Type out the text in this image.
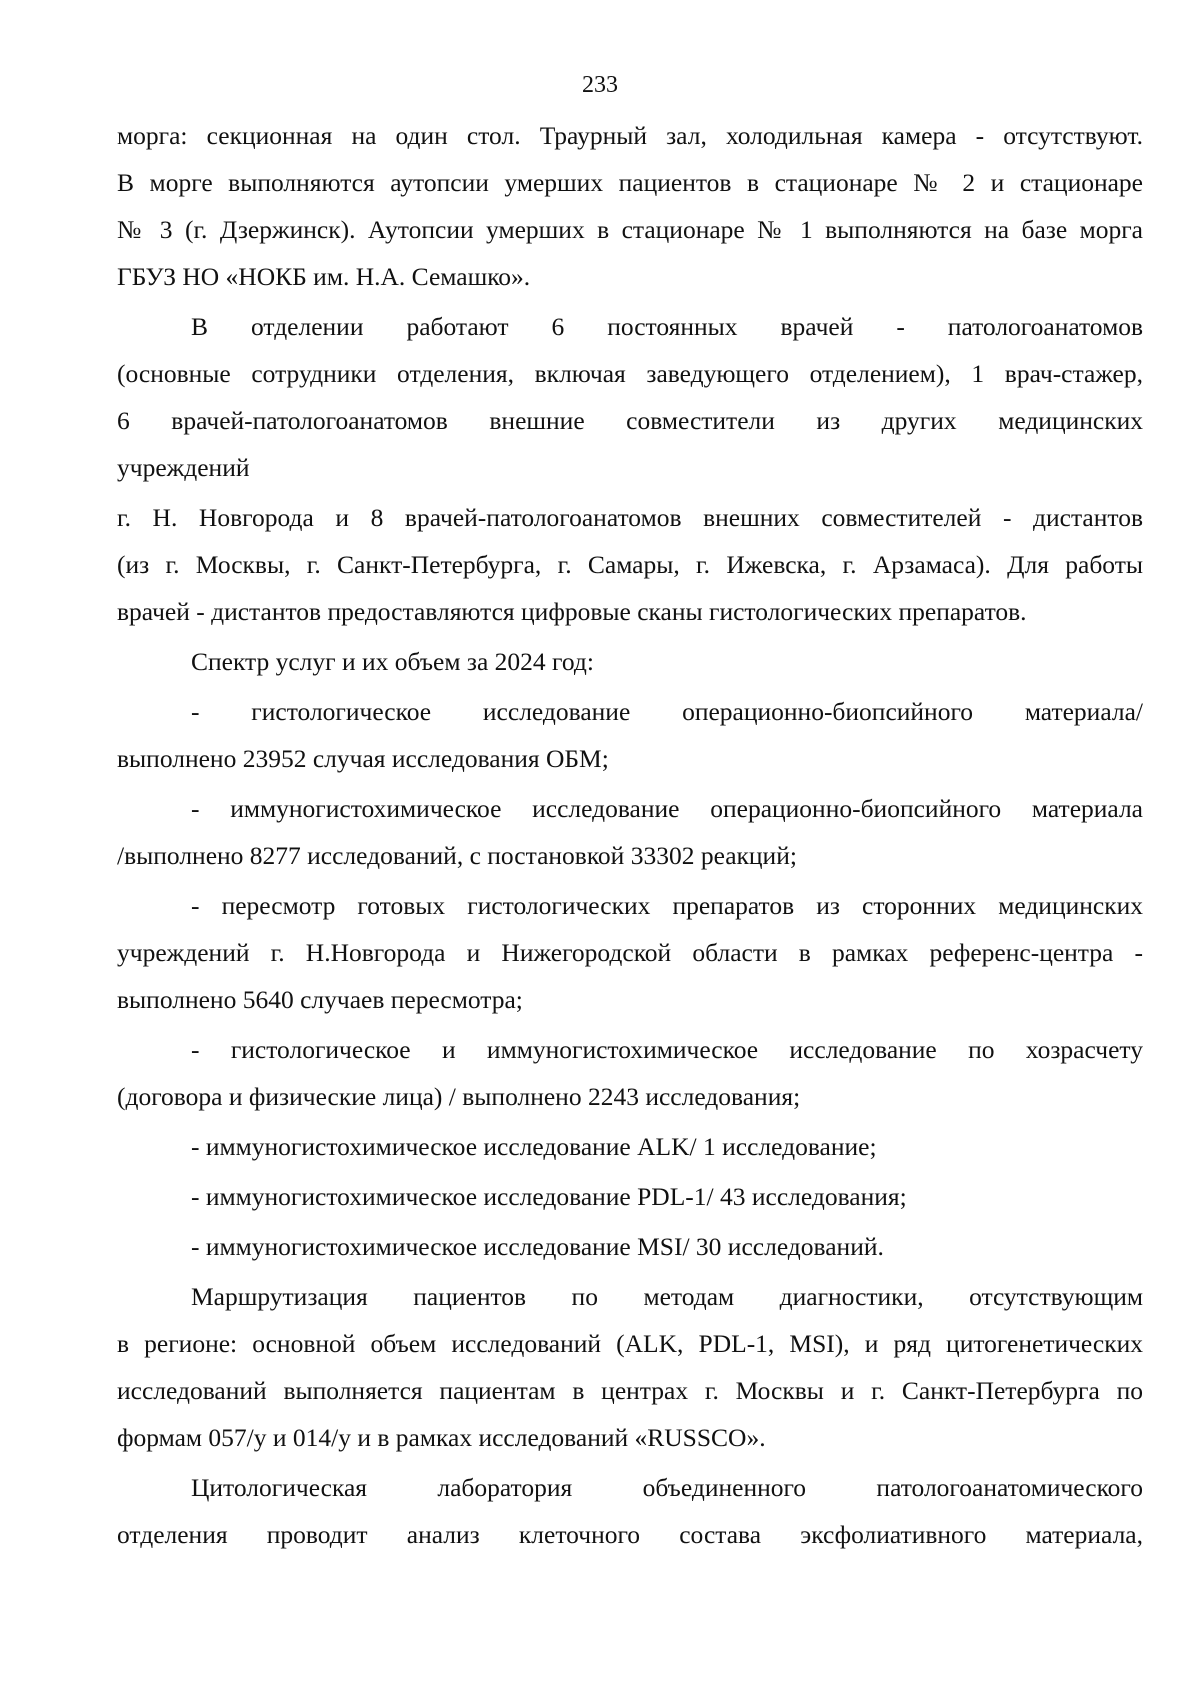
233

морга: секционная на один стол. Траурный зал, холодильная камера - отсутствуют.
В морге выполняются аутопсии умерших пациентов в стационаре № 2 и стационаре
№ 3 (г. Дзержинск). Аутопсии умерших в стационаре № 1 выполняются на базе морга
ГБУЗ НО «НОКБ им. Н.А. Семашко».

В отделении работают 6 постоянных врачей - патологоанатомов
(основные сотрудники отделения, включая заведующего отделением), 1 врач-стажер,
6 врачей-патологоанатомов внешние совместители из других медицинских
учреждений

г. Н. Новгорода и 8 врачей-патологоанатомов внешних совместителей - дистантов
(из г. Москвы, г. Санкт-Петербурга, г. Самары, г. Ижевска, г. Арзамаса). Для работы
врачей - дистантов предоставляются цифровые сканы гистологических препаратов.

Спектр услуг и их объем за 2024 год:

- гистологическое исследование операционно-биопсийного материала/
выполнено 23952 случая исследования ОБМ;

- иммуногистохимическое исследование операционно-биопсийного материала
/выполнено 8277 исследований, с постановкой 33302 реакций;

- пересмотр готовых гистологических препаратов из сторонних медицинских
учреждений г. Н.Новгорода и Нижегородской области в рамках референс-центра -
выполнено 5640 случаев пересмотра;

- гистологическое и иммуногистохимическое исследование по хозрасчету
(договора и физические лица) / выполнено 2243 исследования;

- иммуногистохимическое исследование ALK/ 1 исследование;

- иммуногистохимическое исследование PDL-1/ 43 исследования;

- иммуногистохимическое исследование MSI/ 30 исследований.

Маршрутизация пациентов по методам диагностики, отсутствующим
в регионе: основной объем исследований (ALK, PDL-1, MSI), и ряд цитогенетических
исследований выполняется пациентам в центрах г. Москвы и г. Санкт-Петербурга по
формам 057/у и 014/у и в рамках исследований «RUSSCO».

Цитологическая лаборатория объединенного патологоанатомического
отделения проводит анализ клеточного состава эксфолиативного материала,
